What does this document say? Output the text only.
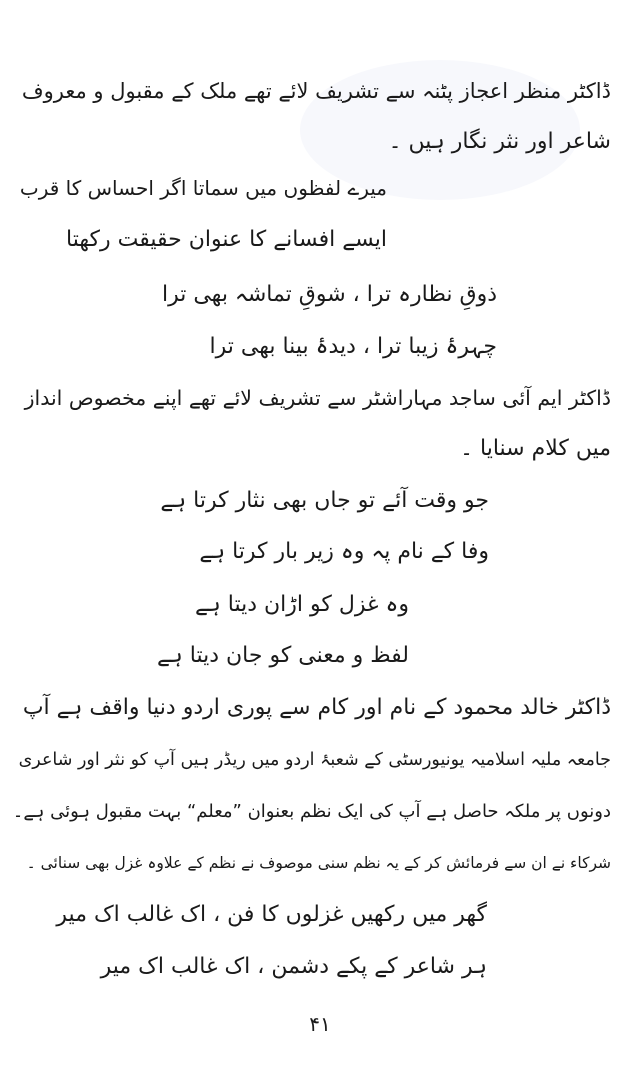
ڈاکٹر منظر اعجاز پٹنہ سے تشریف لائے تھے ملک کے مقبول و معروف
شاعر اور نثر نگار ہیں ۔
میرے لفظوں میں سماتا اگر احساس کا قرب
ایسے افسانے کا عنوان حقیقت رکھتا
ذوقِ نظارہ ترا ، شوقِ تماشہ بھی ترا
چہرۂ زیبا ترا ، دیدۂ بینا بھی ترا
ڈاکٹر ایم آئی ساجد مہاراشٹر سے تشریف لائے تھے اپنے مخصوص انداز
میں کلام سنایا ۔
جو وقت آئے تو جاں بھی نثار کرتا ہے
وفا کے نام پہ وہ زیر بار کرتا ہے
وہ غزل کو اڑان دیتا ہے
لفظ و معنی کو جان دیتا ہے
ڈاکٹر خالد محمود کے نام اور کام سے پوری اردو دنیا واقف ہے آپ
جامعہ ملیہ اسلامیہ یونیورسٹی کے شعبۂ اردو میں ریڈر ہیں آپ کو نثر اور شاعری
دونوں پر ملکہ حاصل ہے آپ کی ایک نظم بعنوان ”معلم“ بہت مقبول ہوئی ہے۔
شرکاء نے ان سے فرمائش کر کے یہ نظم سنی موصوف نے نظم کے علاوہ غزل بھی سنائی ۔
گھر میں رکھیں غزلوں کا فن ، اک غالب اک میر
ہر شاعر کے پکے دشمن ، اک غالب اک میر
۴۱
